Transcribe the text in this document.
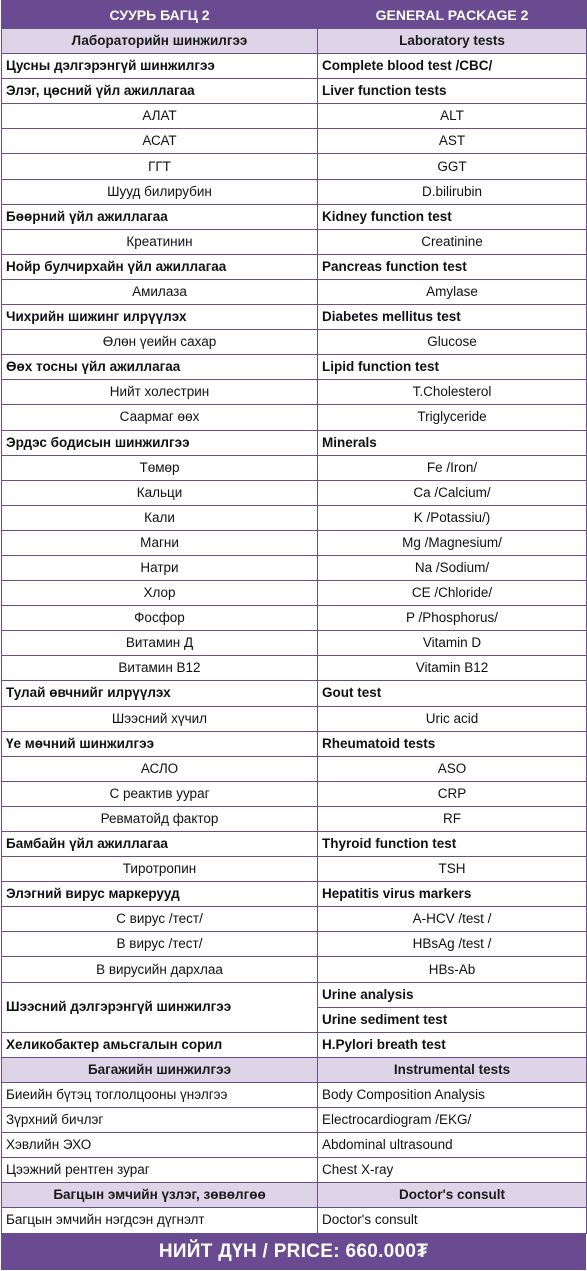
СУУРЬ БАГЦ 2	GENERAL PACKAGE 2
Лабораторийн шинжилгээ	Laboratory tests
Цусны дэлгэрэнгүй шинжилгээ	Complete blood test /CBC/
Элэг, цөсний үйл ажиллагаа	Liver function tests
АЛАТ	ALT
АСАТ	AST
ГГТ	GGT
Шууд билирубин	D.bilirubin
Бөөрний үйл ажиллагаа	Kidney function test
Креатинин	Creatinine
Нойр булчирхайн үйл ажиллагаа	Pancreas function test
Амилаза	Amylase
Чихрийн шижинг илрүүлэх	Diabetes mellitus test
Өлөн үеийн сахар	Glucose
Өөх тосны үйл ажиллагаа	Lipid function test
Нийт холестрин	T.Cholesterol
Саармаг өөх	Triglyceride
Эрдэс бодисын шинжилгээ	Minerals
Төмөр	Fe /Iron/
Кальци	Ca /Calcium/
Кали	K /Potassiu/)
Магни	Mg /Magnesium/
Натри	Na /Sodium/
Хлор	CE /Chloride/
Фосфор	P /Phosphorus/
Витамин Д	Vitamin D
Витамин B12	Vitamin B12
Тулай өвчнийг илрүүлэх	Gout test
Шээсний хүчил	Uric acid
Үе мөчний шинжилгээ	Rheumatoid tests
АСЛО	ASO
С реактив уураг	CRP
Ревматойд фактор	RF
Бамбайн үйл ажиллагаа	Thyroid function test
Тиротропин	TSH
Элэгний вирус маркерууд	Hepatitis virus markers
С вирус /тест/	A-HCV /test /
В вирус /тест/	HBsAg /test /
В вирусийн дархлаа	HBs-Ab
Шээсний дэлгэрэнгүй шинжилгээ	Urine analysis
	Urine sediment test
Хеликобактер амьсгалын сорил	H.Pylori breath test
Багажийн шинжилгээ	Instrumental tests
Биеийн бүтэц тоглолцооны үнэлгээ	Body Composition Analysis
Зүрхний бичлэг	Electrocardiogram /EKG/
Хэвлийн ЭХО	Abdominal ultrasound
Цээжний рентген зураг	Chest X-ray
Багцын эмчийн үзлэг, зөвөлгөө	Doctor's consult
Багцын эмчийн нэгдсэн дүгнэлт	Doctor's consult
НИЙТ ДҮН / PRICE: 660.000₮
